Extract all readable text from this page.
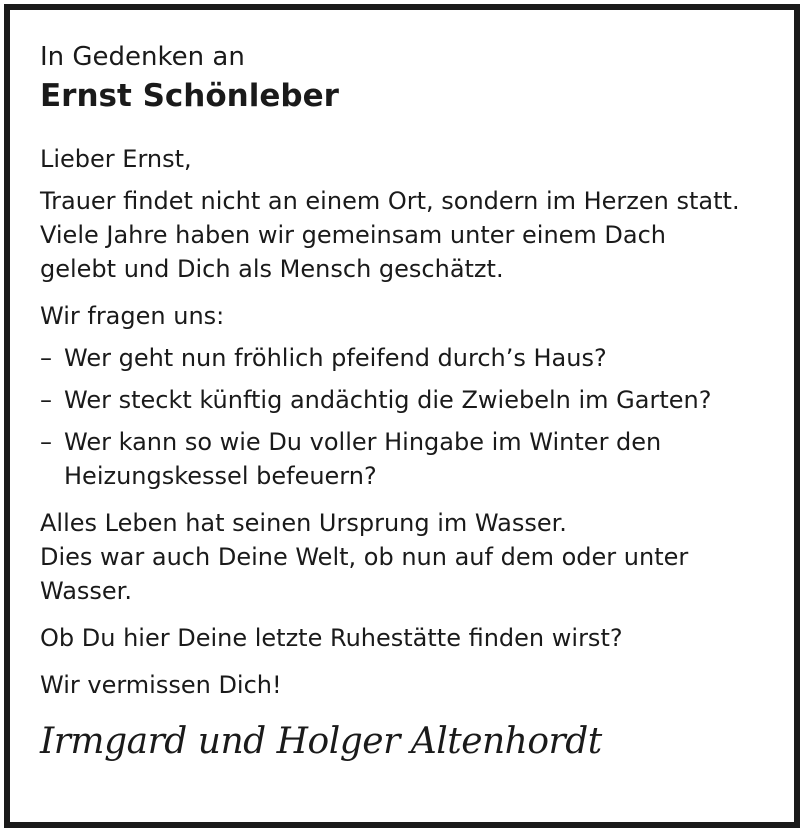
In Gedenken an
Ernst Schönleber

Lieber Ernst,

Trauer findet nicht an einem Ort, sondern im Herzen statt.
Viele Jahre haben wir gemeinsam unter einem Dach
gelebt und Dich als Mensch geschätzt.

Wir fragen uns:

– Wer geht nun fröhlich pfeifend durch’s Haus?

– Wer steckt künftig andächtig die Zwiebeln im Garten?

– Wer kann so wie Du voller Hingabe im Winter den Heizungskessel befeuern?

Alles Leben hat seinen Ursprung im Wasser.
Dies war auch Deine Welt, ob nun auf dem oder unter Wasser.

Ob Du hier Deine letzte Ruhestätte finden wirst?

Wir vermissen Dich!

Irmgard und Holger Altenhordt
